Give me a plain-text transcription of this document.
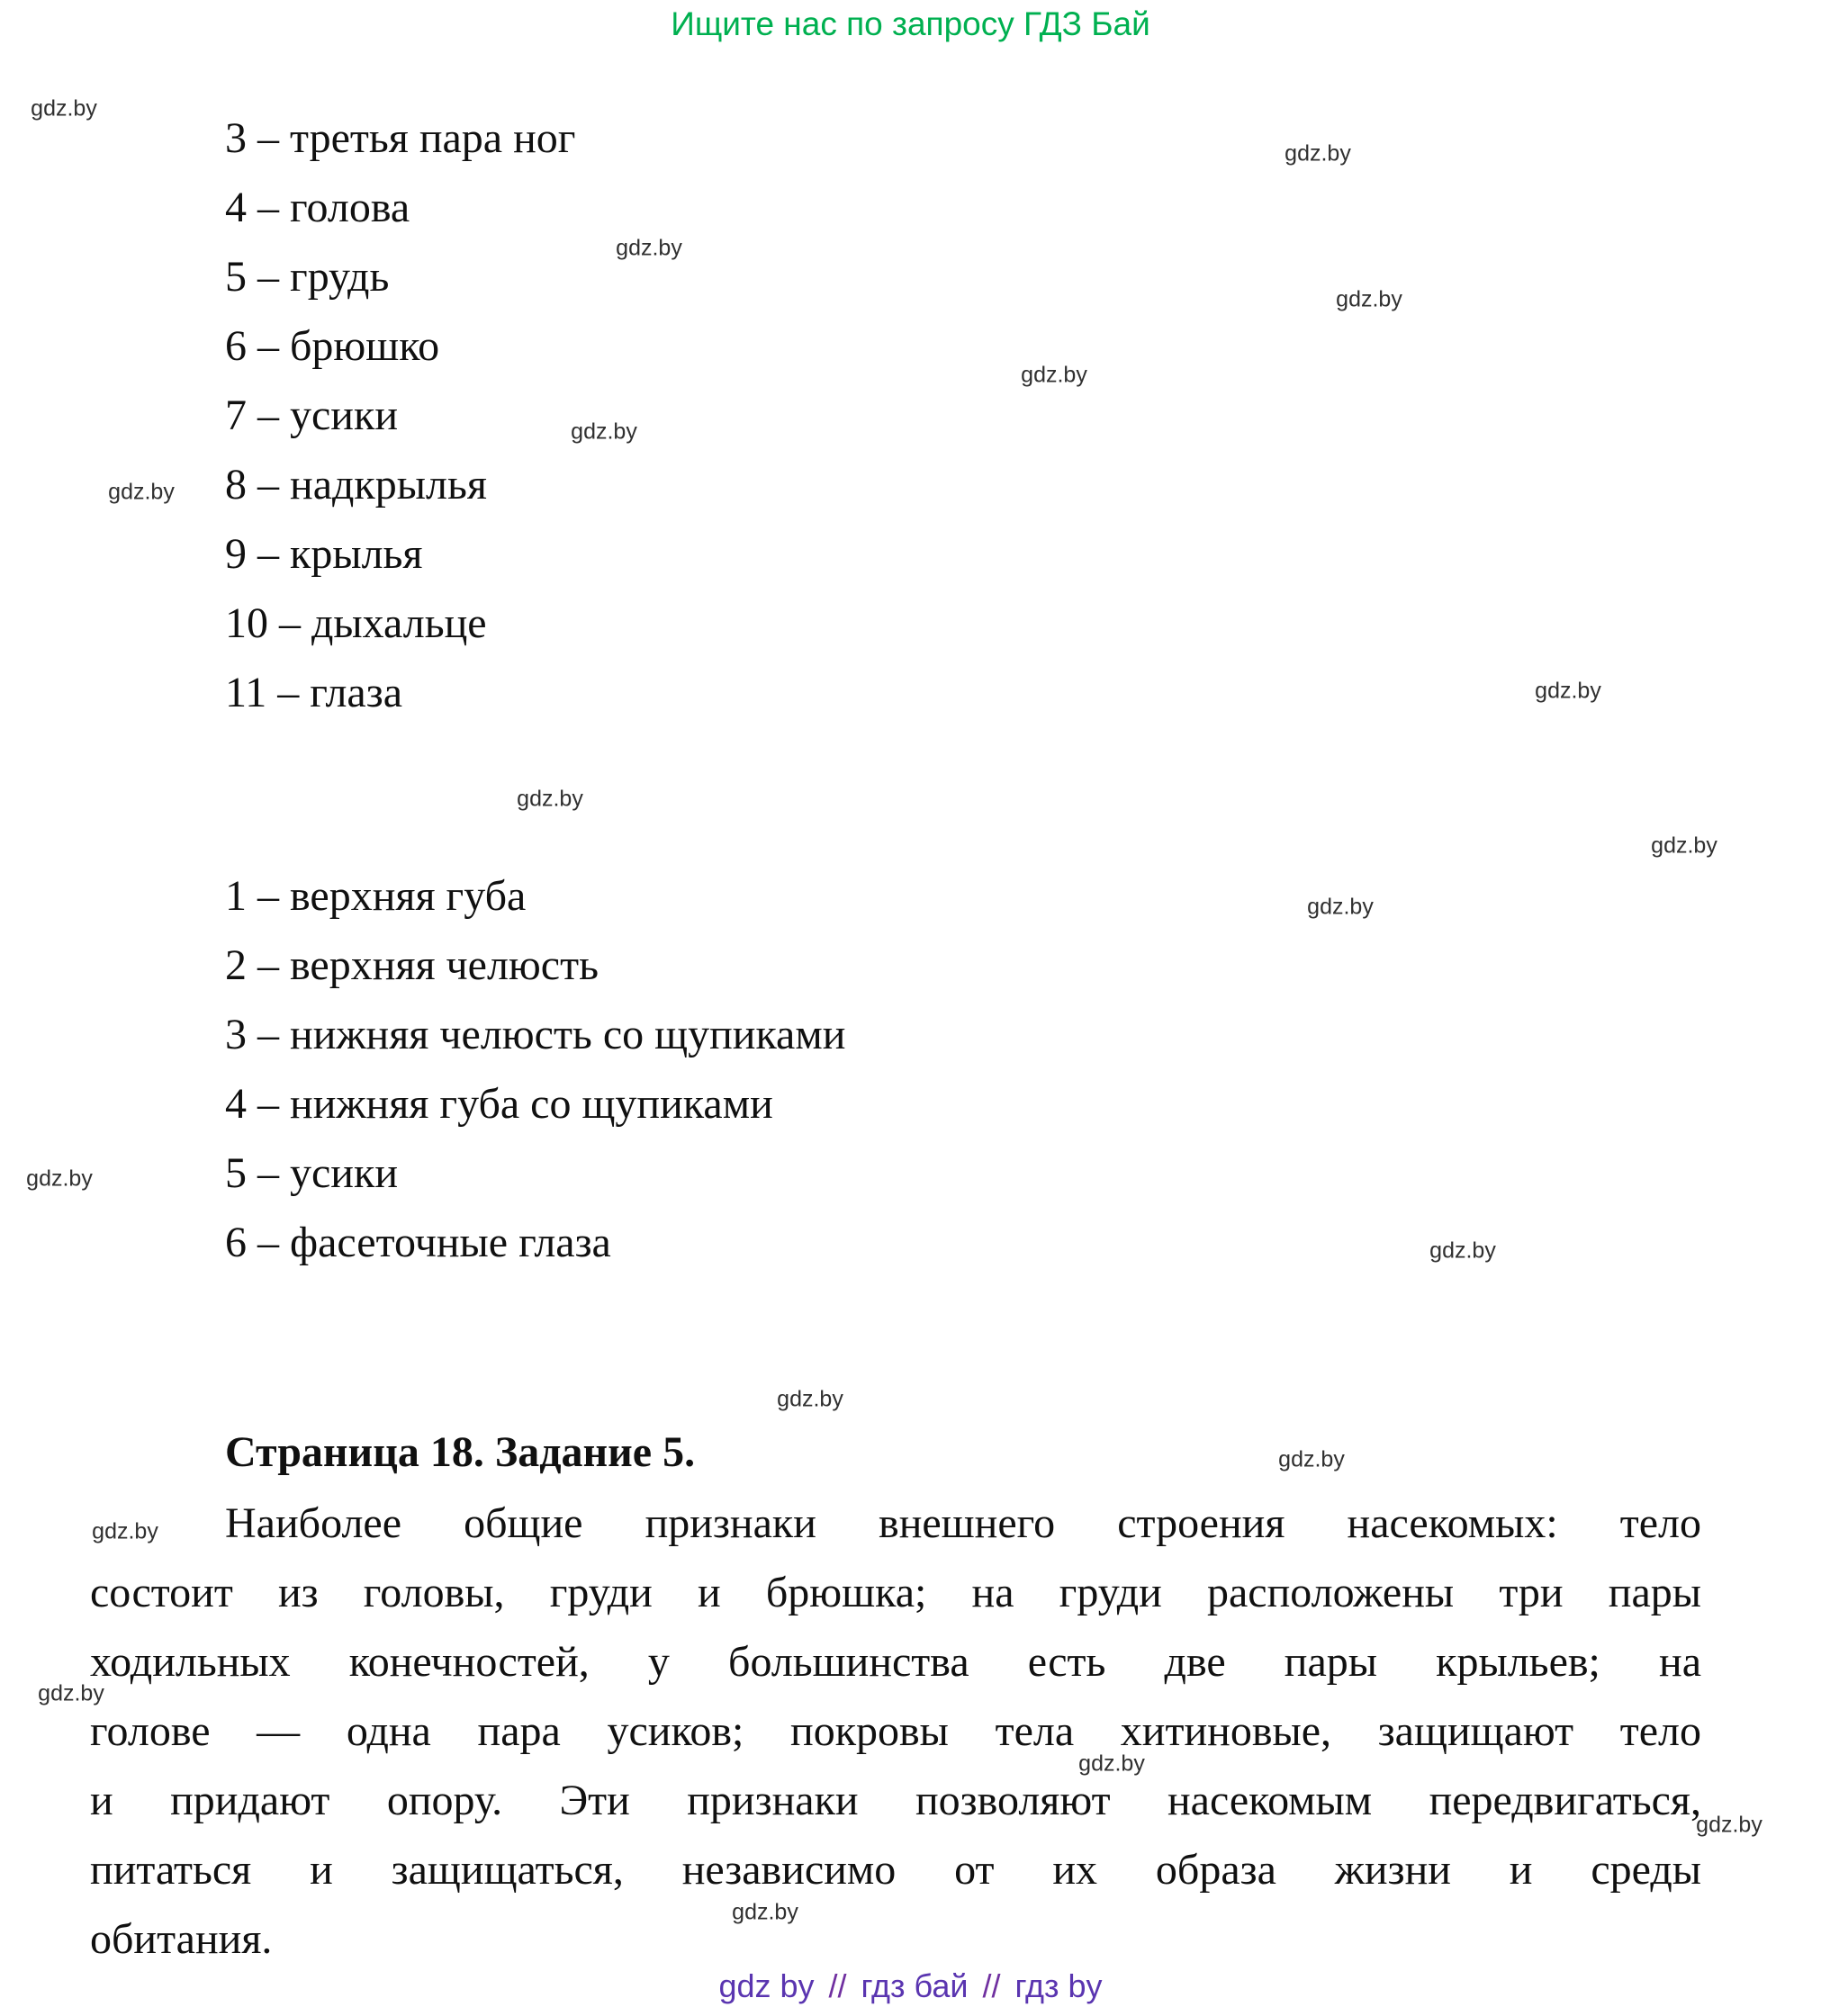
Ищите нас по запросу ГДЗ Бай
gdz.by
gdz.by
gdz.by
gdz.by
gdz.by
gdz.by
gdz.by
gdz.by
gdz.by
gdz.by
gdz.by
gdz.by
gdz.by
gdz.by
gdz.by
gdz.by
gdz.by
gdz.by
gdz.by
gdz.by
3 – третья пара ног
4 – голова
5 – грудь
6 – брюшко
7 – усики
8 – надкрылья
9 – крылья
10 – дыхальце
11 – глаза
1 – верхняя губа
2 – верхняя челюсть
3 – нижняя челюсть со щупиками
4 – нижняя губа со щупиками
5 – усики
6 – фасеточные глаза
Страница 18. Задание 5.
Наиболее общие признаки внешнего строения насекомых: тело
состоит из головы, груди и брюшка; на груди расположены три пары
ходильных конечностей, у большинства есть две пары крыльев; на
голове — одна пара усиков; покровы тела хитиновые, защищают тело
и придают опору. Эти признаки позволяют насекомым передвигаться,
питаться и защищаться, независимо от их образа жизни и среды
обитания.
gdz by // гдз бай // гдз by
